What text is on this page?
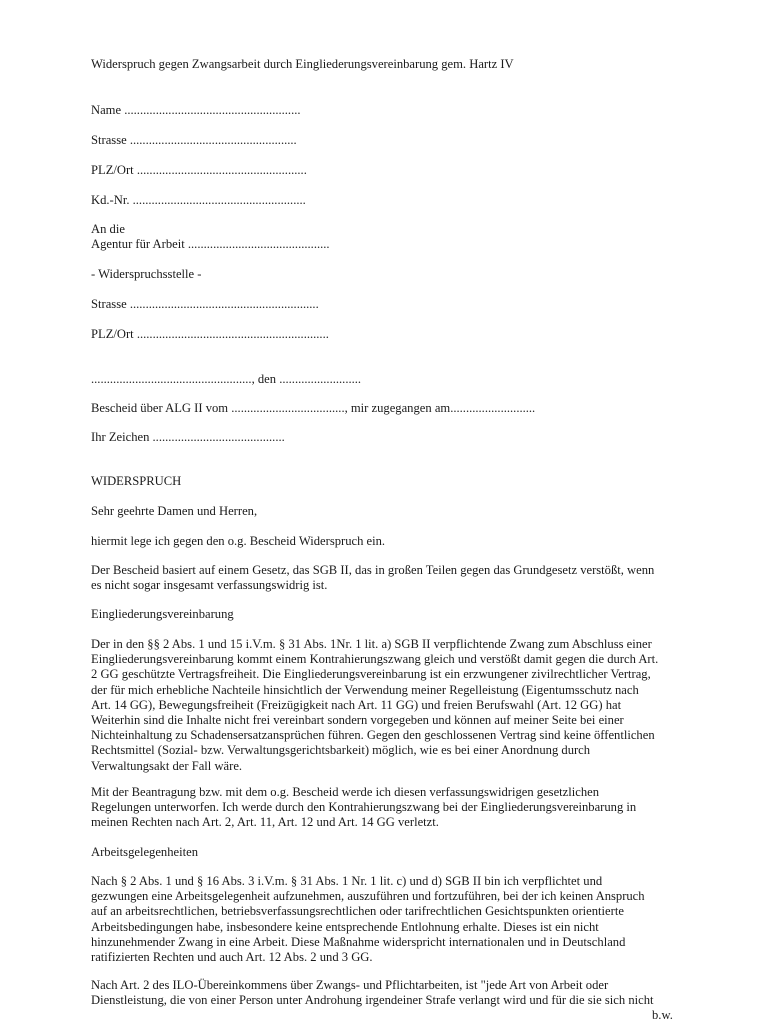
Widerspruch gegen Zwangsarbeit durch Eingliederungsvereinbarung gem. Hartz IV
Name ........................................................
Strasse .....................................................
PLZ/Ort ......................................................
Kd.-Nr. .......................................................
An die
Agentur für Arbeit .............................................
- Widerspruchsstelle -
Strasse ............................................................
PLZ/Ort .............................................................
..................................................., den ..........................
Bescheid über ALG II vom ...................................., mir zugegangen am...........................
Ihr Zeichen ..........................................
WIDERSPRUCH
Sehr geehrte Damen und Herren,
hiermit lege ich gegen den o.g. Bescheid Widerspruch ein.
Der Bescheid basiert auf einem Gesetz, das SGB II, das in großen Teilen gegen das Grundgesetz verstößt, wenn
es nicht sogar insgesamt verfassungswidrig ist.
Eingliederungsvereinbarung
Der in den §§ 2 Abs. 1 und 15 i.V.m. § 31 Abs. 1Nr. 1 lit. a) SGB II verpflichtende Zwang zum Abschluss einer
Eingliederungsvereinbarung kommt einem Kontrahierungszwang gleich und verstößt damit gegen die durch Art.
2 GG geschützte Vertragsfreiheit. Die Eingliederungsvereinbarung ist ein erzwungener zivilrechtlicher Vertrag,
der für mich erhebliche Nachteile hinsichtlich der Verwendung meiner Regelleistung (Eigentumsschutz nach
Art. 14 GG), Bewegungsfreiheit (Freizügigkeit nach Art. 11 GG) und freien Berufswahl (Art. 12 GG) hat
Weiterhin sind die Inhalte nicht frei vereinbart sondern vorgegeben und können auf meiner Seite bei einer
Nichteinhaltung zu Schadensersatzansprüchen führen. Gegen den geschlossenen Vertrag sind keine öffentlichen
Rechtsmittel (Sozial- bzw. Verwaltungsgerichtsbarkeit) möglich, wie es bei einer Anordnung durch
Verwaltungsakt der Fall wäre.
Mit der Beantragung bzw. mit dem o.g. Bescheid werde ich diesen verfassungswidrigen gesetzlichen
Regelungen unterworfen. Ich werde durch den Kontrahierungszwang bei der Eingliederungsvereinbarung in
meinen Rechten nach Art. 2, Art. 11, Art. 12 und Art. 14 GG verletzt.
Arbeitsgelegenheiten
Nach § 2 Abs. 1 und § 16 Abs. 3 i.V.m. § 31 Abs. 1 Nr. 1 lit. c) und d) SGB II bin ich verpflichtet und
gezwungen eine Arbeitsgelegenheit aufzunehmen, auszuführen und fortzuführen, bei der ich keinen Anspruch
auf an arbeitsrechtlichen, betriebsverfassungsrechtlichen oder tarifrechtlichen Gesichtspunkten orientierte
Arbeitsbedingungen habe, insbesondere keine entsprechende Entlohnung erhalte. Dieses ist ein nicht
hinzunehmender Zwang in eine Arbeit. Diese Maßnahme widerspricht internationalen und in Deutschland
ratifizierten Rechten und auch Art. 12 Abs. 2 und 3 GG.
Nach Art. 2 des ILO-Übereinkommens über Zwangs- und Pflichtarbeiten, ist "jede Art von Arbeit oder
Dienstleistung, die von einer Person unter Androhung irgendeiner Strafe verlangt wird und für die sie sich nicht
b.w.
